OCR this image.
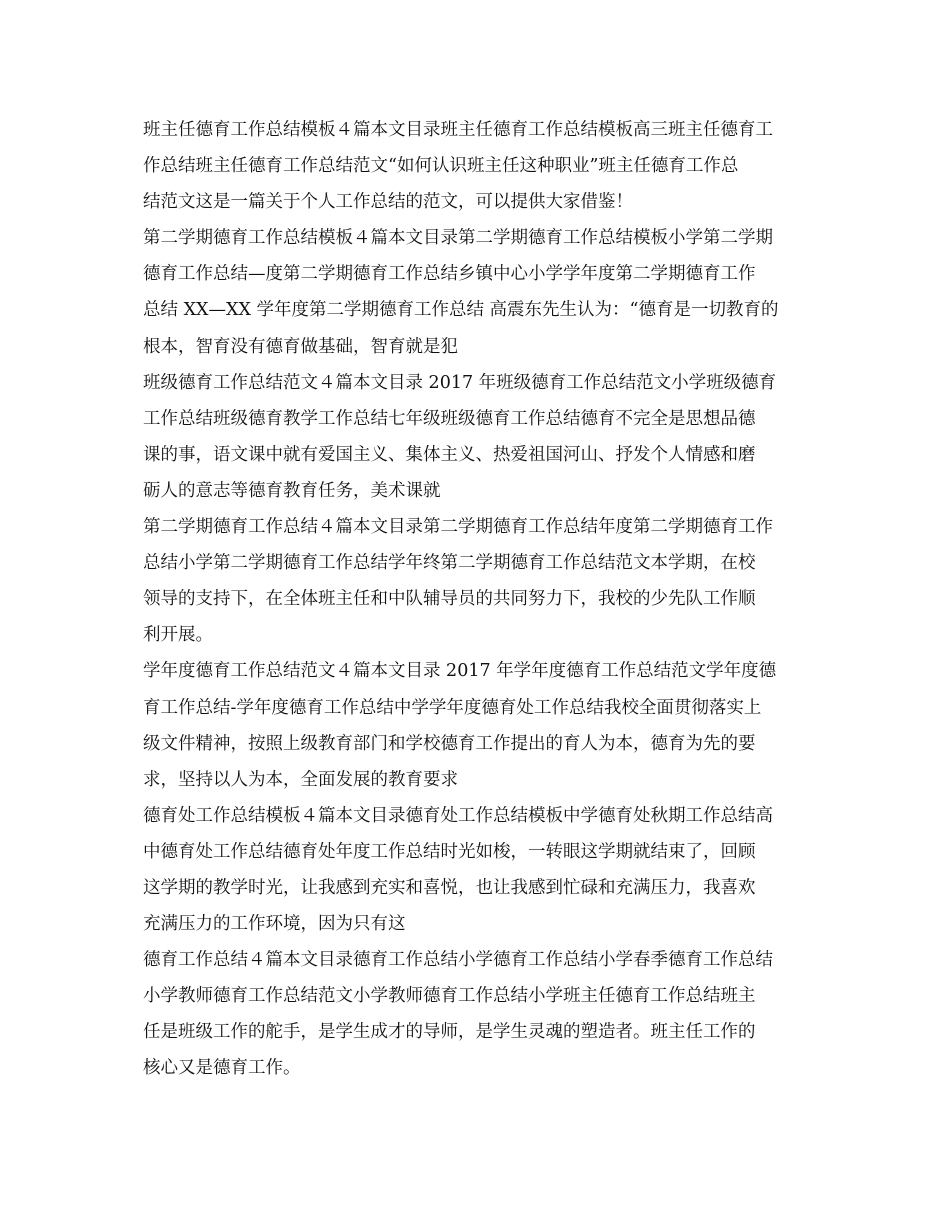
班主任德育工作总结模板４篇本文目录班主任德育工作总结模板高三班主任德育工
作总结班主任德育工作总结范文“如何认识班主任这种职业”班主任德育工作总
结范文这是一篇关于个人工作总结的范文，可以提供大家借鉴！
第二学期德育工作总结模板４篇本文目录第二学期德育工作总结模板小学第二学期
德育工作总结—度第二学期德育工作总结乡镇中心小学学年度第二学期德育工作
总结 XX—XX 学年度第二学期德育工作总结 高震东先生认为：“德育是一切教育的
根本，智育没有德育做基础，智育就是犯
班级德育工作总结范文４篇本文目录 2017 年班级德育工作总结范文小学班级德育
工作总结班级德育教学工作总结七年级班级德育工作总结德育不完全是思想品德
课的事，语文课中就有爱国主义、集体主义、热爱祖国河山、抒发个人情感和磨
砺人的意志等德育教育任务，美术课就
第二学期德育工作总结４篇本文目录第二学期德育工作总结年度第二学期德育工作
总结小学第二学期德育工作总结学年终第二学期德育工作总结范文本学期，在校
领导的支持下，在全体班主任和中队辅导员的共同努力下，我校的少先队工作顺
利开展。
学年度德育工作总结范文４篇本文目录 2017 年学年度德育工作总结范文学年度德
育工作总结-学年度德育工作总结中学学年度德育处工作总结我校全面贯彻落实上
级文件精神，按照上级教育部门和学校德育工作提出的育人为本，德育为先的要
求，坚持以人为本，全面发展的教育要求
德育处工作总结模板４篇本文目录德育处工作总结模板中学德育处秋期工作总结高
中德育处工作总结德育处年度工作总结时光如梭，一转眼这学期就结束了，回顾
这学期的教学时光，让我感到充实和喜悦，也让我感到忙碌和充满压力，我喜欢
充满压力的工作环境，因为只有这
德育工作总结４篇本文目录德育工作总结小学德育工作总结小学春季德育工作总结
小学教师德育工作总结范文小学教师德育工作总结小学班主任德育工作总结班主
任是班级工作的舵手，是学生成才的导师，是学生灵魂的塑造者。班主任工作的
核心又是德育工作。
